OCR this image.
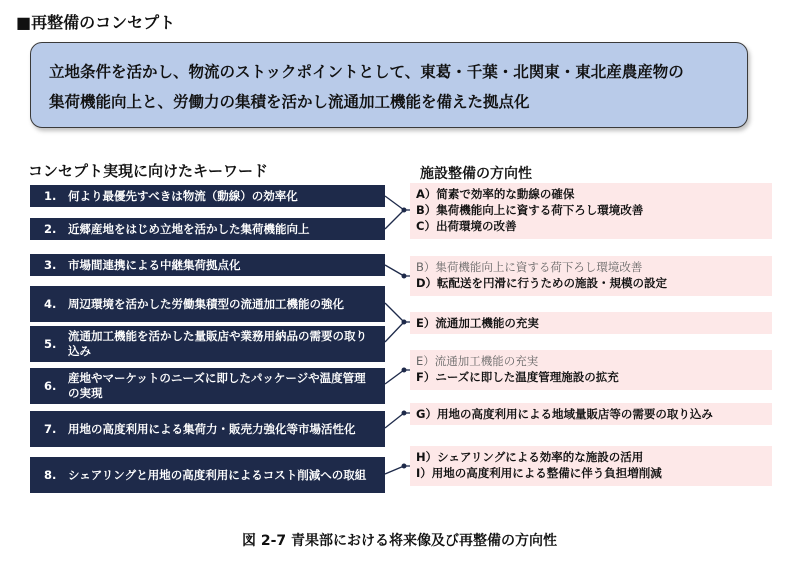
■再整備のコンセプト
立地条件を活かし、物流のストックポイントとして、東葛・千葉・北関東・東北産農産物の
集荷機能向上と、労働力の集積を活かし流通加工機能を備えた拠点化
コンセプト実現に向けたキーワード	施設整備の方向性
1.	何より最優先すべきは物流（動線）の効率化
2.	近郷産地をはじめ立地を活かした集荷機能向上
3.	市場間連携による中継集荷拠点化
4.	周辺環境を活かした労働集積型の流通加工機能の強化
5.
流通加工機能を活かした量販店や業務用納品の需要の取り込み
6.
産地やマーケットのニーズに即したパッケージや温度管理の実現
7.	用地の高度利用による集荷力・販売力強化等市場活性化
8.	シェアリングと用地の高度利用によるコスト削減への取組
A）简素で効率的な動線の確保
B）集荷機能向上に資する荷下ろし環境改善
C）出荷環境の改善
B）集荷機能向上に資する荷下ろし環境改善
D）転配送を円滑に行うための施設・規模の設定
E）流通加工機能の充実
E）流通加工機能の充実
F）ニーズに即した温度管理施設の拡充
G）用地の高度利用による地域量販店等の需要の取り込み
H）シェアリングによる効率的な施設の活用
I）用地の高度利用による整備に伴う負担増削減
図 2-7 青果部における将来像及び再整備の方向性
